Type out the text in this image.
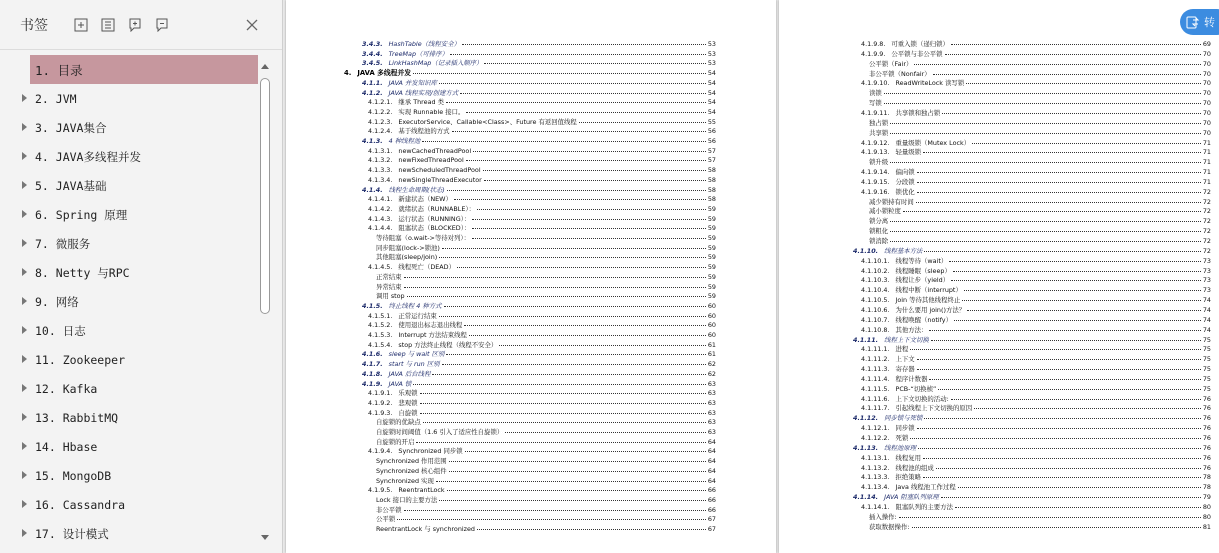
书签
1. 目录
2. JVM
3. JAVA集合
4. JAVA多线程并发
5. JAVA基础
6. Spring 原理
7. 微服务
8. Netty 与RPC
9. 网络
10. 日志
11. Zookeeper
12. Kafka
13. RabbitMQ
14. Hbase
15. MongoDB
16. Cassandra
17. 设计模式
3.4.3. HashTable（线程安全）	53
3.4.4. TreeMap（可排序）	53
3.4.5. LinkHashMap（记录插入顺序）	53
4. JAVA 多线程并发	54
4.1.1. JAVA 并发知识库	54
4.1.2. JAVA 线程实现/创建方式	54
4.1.2.1. 继承 Thread 类	54
4.1.2.2. 实现 Runnable 接口。	54
4.1.2.3. ExecutorService、Callable<Class>、Future 有返回值线程	55
4.1.2.4. 基于线程池的方式	56
4.1.3. 4 种线程池	56
4.1.3.1. newCachedThreadPool	57
4.1.3.2. newFixedThreadPool	57
4.1.3.3. newScheduledThreadPool	58
4.1.3.4. newSingleThreadExecutor	58
4.1.4. 线程生命周期(状态)	58
4.1.4.1. 新建状态（NEW）	58
4.1.4.2. 就绪状态（RUNNABLE）：	59
4.1.4.3. 运行状态（RUNNING）：	59
4.1.4.4. 阻塞状态（BLOCKED）：	59
等待阻塞（o.wait->等待对列）：	59
同步阻塞(lock->锁池)	59
其他阻塞(sleep/join)	59
4.1.4.5. 线程死亡（DEAD）	59
正常结束	59
异常结束	59
调用 stop	59
4.1.5. 终止线程 4 种方式	60
4.1.5.1. 正常运行结束	60
4.1.5.2. 使用退出标志退出线程	60
4.1.5.3. Interrupt 方法结束线程	60
4.1.5.4. stop 方法终止线程（线程不安全）	61
4.1.6. sleep 与 wait 区别	61
4.1.7. start 与 run 区别	62
4.1.8. JAVA 后台线程	62
4.1.9. JAVA 锁	63
4.1.9.1. 乐观锁	63
4.1.9.2. 悲观锁	63
4.1.9.3. 自旋锁	63
自旋锁的优缺点	63
自旋锁时间阈值（1.6 引入了适应性自旋锁）	63
自旋锁的开启	64
4.1.9.4. Synchronized 同步锁	64
Synchronized 作用范围	64
Synchronized 核心组件	64
Synchronized 实现	64
4.1.9.5. ReentrantLock	66
Lock 接口的主要方法	66
非公平锁	66
公平锁	67
ReentrantLock 与 synchronized	67
4.1.9.8. 可重入锁（递归锁）	69
4.1.9.9. 公平锁与非公平锁	70
公平锁（Fair）	70
非公平锁（Nonfair）	70
4.1.9.10. ReadWriteLock 读写锁	70
读锁	70
写锁	70
4.1.9.11. 共享锁和独占锁	70
独占锁	70
共享锁	70
4.1.9.12. 重量级锁（Mutex Lock）	71
4.1.9.13. 轻量级锁	71
锁升级	71
4.1.9.14. 偏向锁	71
4.1.9.15. 分段锁	71
4.1.9.16. 锁优化	72
减少锁持有时间	72
减小锁粒度	72
锁分离	72
锁粗化	72
锁消除	72
4.1.10. 线程基本方法	72
4.1.10.1. 线程等待（wait）	73
4.1.10.2. 线程睡眠（sleep）	73
4.1.10.3. 线程让步（yield）	73
4.1.10.4. 线程中断（interrupt）	73
4.1.10.5. Join 等待其他线程终止	74
4.1.10.6. 为什么要用 join()方法？	74
4.1.10.7. 线程唤醒（notify）	74
4.1.10.8. 其他方法：	74
4.1.11. 线程上下文切换	75
4.1.11.1. 进程	75
4.1.11.2. 上下文	75
4.1.11.3. 寄存器	75
4.1.11.4. 程序计数器	75
4.1.11.5. PCB-“切换桢”	75
4.1.11.6. 上下文切换的活动:	76
4.1.11.7. 引起线程上下文切换的原因	76
4.1.12. 同步锁与死锁	76
4.1.12.1. 同步锁	76
4.1.12.2. 死锁	76
4.1.13. 线程池原理	76
4.1.13.1. 线程复用	76
4.1.13.2. 线程池的组成	76
4.1.13.3. 拒绝策略	78
4.1.13.4. Java 线程池工作过程	78
4.1.14. JAVA 阻塞队列原理	79
4.1.14.1. 阻塞队列的主要方法	80
插入操作:	80
获取数据操作:	81
转
